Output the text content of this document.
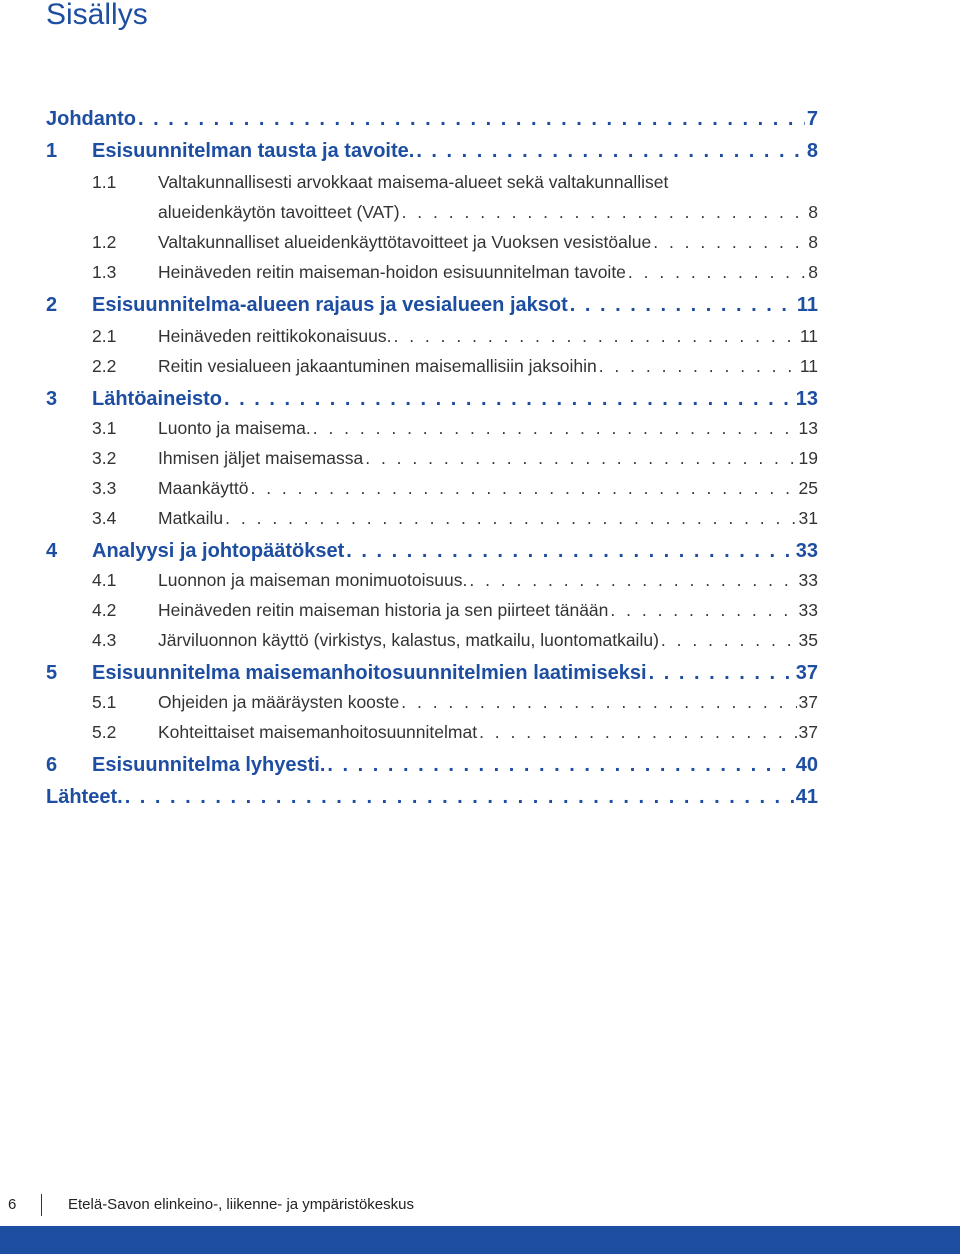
Sisällys
Johdanto . . .	7
1	Esisuunnitelman tausta ja tavoite. . . .	8
1.1	Valtakunnallisesti arvokkaat maisema-alueet sekä valtakunnalliset
alueidenkäytön tavoitteet (VAT) . . .	8
1.2	Valtakunnalliset alueidenkäyttötavoitteet ja Vuoksen vesistöalue . . .	8
1.3	Heinäveden reitin maiseman-hoidon esisuunnitelman tavoite . . .	8
2	Esisuunnitelma-alueen rajaus ja vesialueen jaksot . . .	11
2.1	Heinäveden reittikokonaisuus. . . .	11
2.2	Reitin vesialueen jakaantuminen maisemallisiin jaksoihin . . .	11
3	Lähtöaineisto . . .	13
3.1	Luonto ja maisema. . . .	13
3.2	Ihmisen jäljet maisemassa . . .	19
3.3	Maankäyttö . . .	25
3.4	Matkailu . . .	31
4	Analyysi ja johtopäätökset . . .	33
4.1	Luonnon ja maiseman monimuotoisuus. . . .	33
4.2	Heinäveden reitin maiseman historia ja sen piirteet tänään . . .	33
4.3	Järviluonnon käyttö (virkistys, kalastus, matkailu, luontomatkailu) . . .	35
5	Esisuunnitelma maisemanhoitosuunnitelmien laatimiseksi . . .	37
5.1	Ohjeiden ja määräysten kooste . . .	37
5.2	Kohteittaiset maisemanhoitosuunnitelmat . . .	37
6	Esisuunnitelma lyhyesti. . . .	40
Lähteet. . . .	41
6	Etelä-Savon elinkeino-, liikenne- ja ympäristökeskus
